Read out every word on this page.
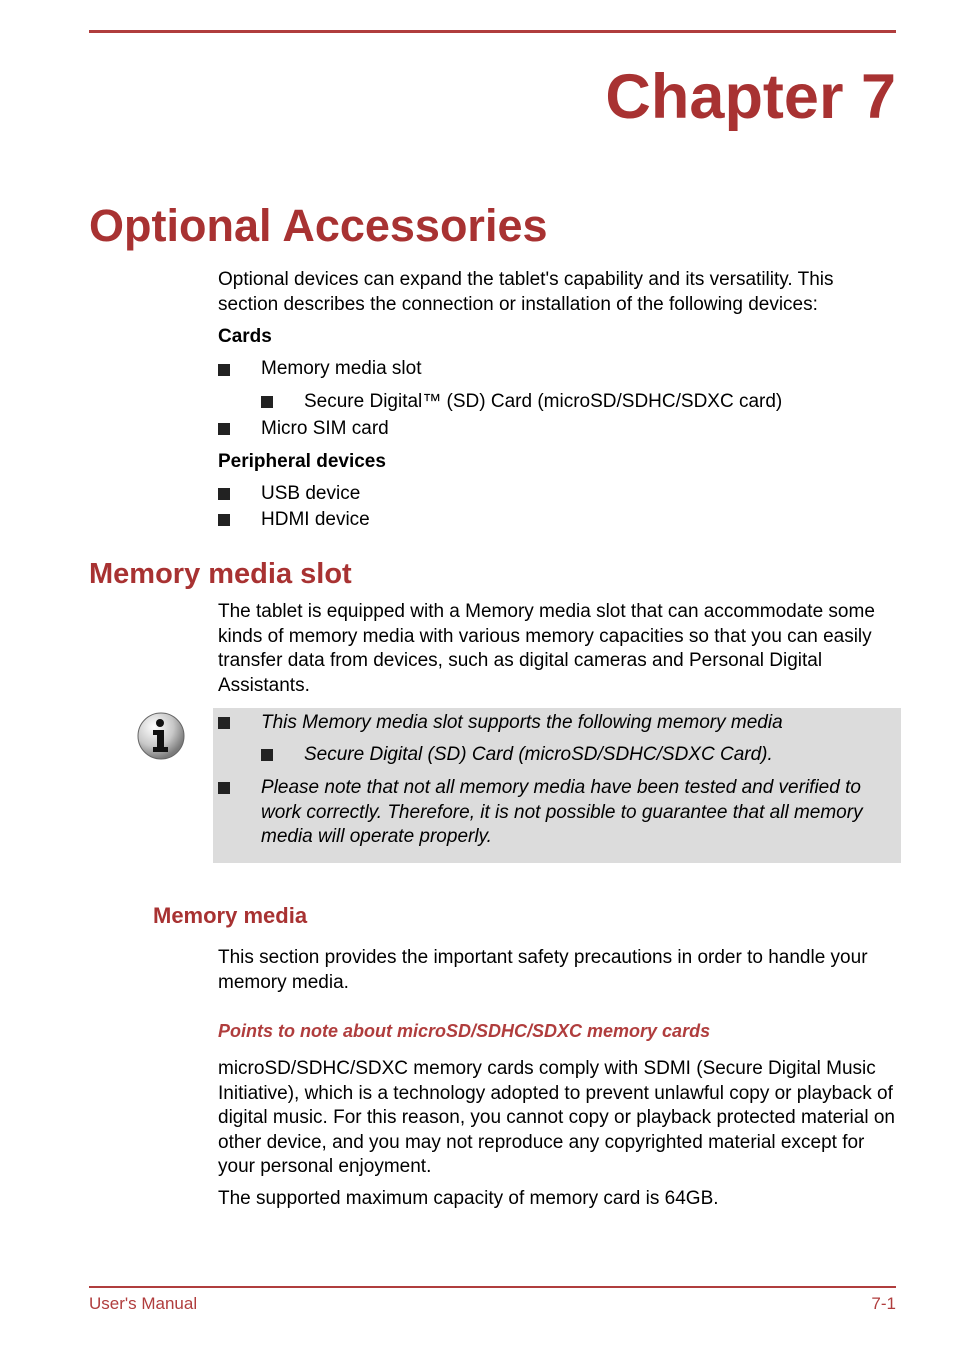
Chapter 7
Optional Accessories
Optional devices can expand the tablet's capability and its versatility. This section describes the connection or installation of the following devices:
Cards
Memory media slot
Secure Digital™ (SD) Card (microSD/SDHC/SDXC card)
Micro SIM card
Peripheral devices
USB device
HDMI device
Memory media slot
The tablet is equipped with a Memory media slot that can accommodate some kinds of memory media with various memory capacities so that you can easily transfer data from devices, such as digital cameras and Personal Digital Assistants.
This Memory media slot supports the following memory media
Secure Digital (SD) Card (microSD/SDHC/SDXC Card).
Please note that not all memory media have been tested and verified to work correctly. Therefore, it is not possible to guarantee that all memory media will operate properly.
Memory media
This section provides the important safety precautions in order to handle your memory media.
Points to note about microSD/SDHC/SDXC memory cards
microSD/SDHC/SDXC memory cards comply with SDMI (Secure Digital Music Initiative), which is a technology adopted to prevent unlawful copy or playback of digital music. For this reason, you cannot copy or playback protected material on other device, and you may not reproduce any copyrighted material except for your personal enjoyment.
The supported maximum capacity of memory card is 64GB.
User's Manual	7-1
